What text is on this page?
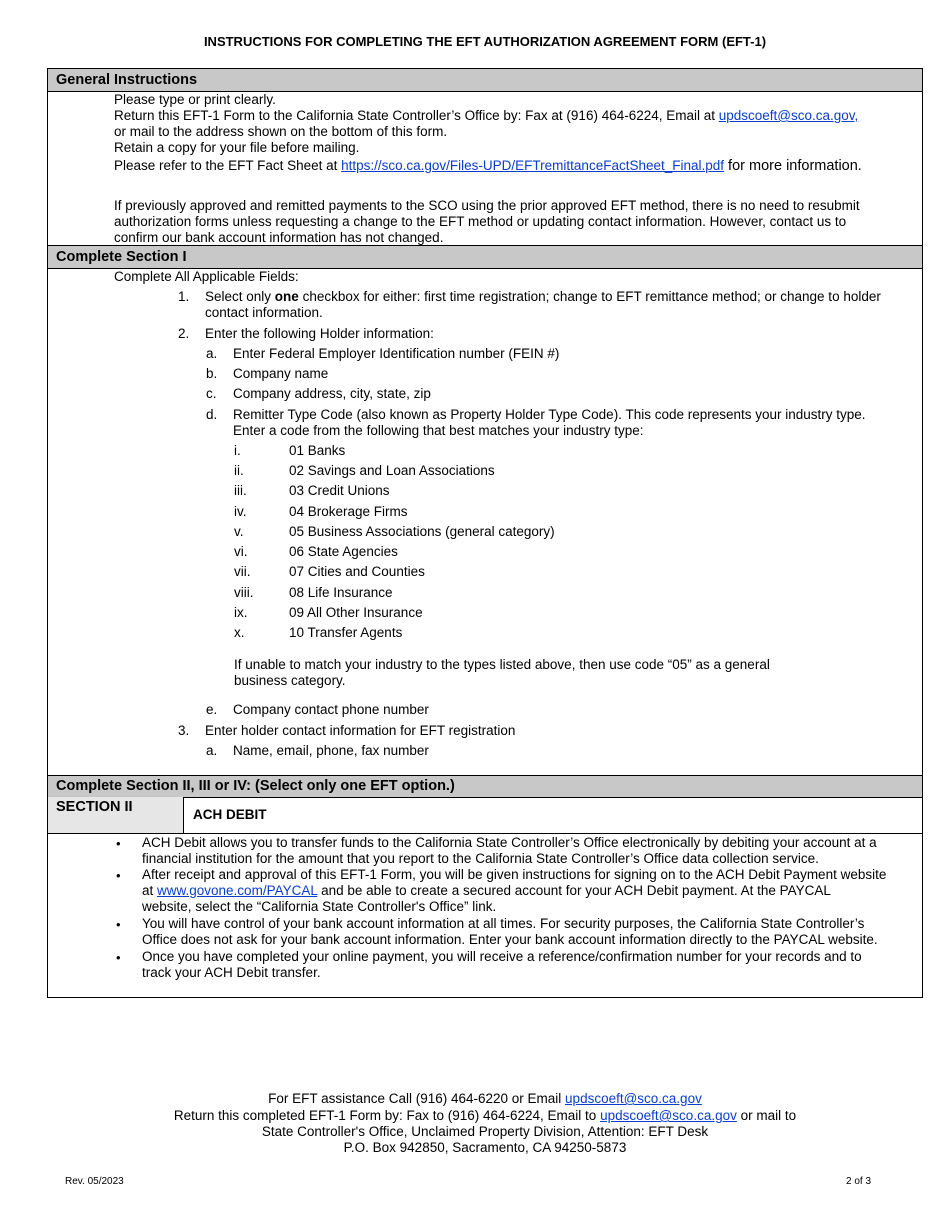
INSTRUCTIONS FOR COMPLETING THE EFT AUTHORIZATION AGREEMENT FORM (EFT-1)
General Instructions
Please type or print clearly.
Return this EFT-1 Form to the California State Controller’s Office by: Fax at (916) 464-6224, Email at updscoeft@sco.ca.gov,
or mail to the address shown on the bottom of this form.
Retain a copy for your file before mailing.
Please refer to the EFT Fact Sheet at https://sco.ca.gov/Files-UPD/EFTremittanceFactSheet_Final.pdf for more information.
If previously approved and remitted payments to the SCO using the prior approved EFT method, there is no need to resubmit
authorization forms unless requesting a change to the EFT method or updating contact information. However, contact us to
confirm our bank account information has not changed.
Complete Section I
Complete All Applicable Fields:
1. Select only one checkbox for either: first time registration; change to EFT remittance method; or change to holder
contact information.
2. Enter the following Holder information:
a. Enter Federal Employer Identification number (FEIN #)
b. Company name
c. Company address, city, state, zip
d. Remitter Type Code (also known as Property Holder Type Code). This code represents your industry type.
Enter a code from the following that best matches your industry type:
i.	01 Banks
ii.	02 Savings and Loan Associations
iii.	03 Credit Unions
iv.	04 Brokerage Firms
v.	05 Business Associations (general category)
vi.	06 State Agencies
vii.	07 Cities and Counties
viii.	08 Life Insurance
ix.	09 All Other Insurance
x.	10 Transfer Agents
If unable to match your industry to the types listed above, then use code “05” as a general
business category.
e. Company contact phone number
3. Enter holder contact information for EFT registration
a. Name, email, phone, fax number
Complete Section II, III or IV: (Select only one EFT option.)
SECTION II	ACH DEBIT
• ACH Debit allows you to transfer funds to the California State Controller’s Office electronically by debiting your account at a
financial institution for the amount that you report to the California State Controller’s Office data collection service.
• After receipt and approval of this EFT-1 Form, you will be given instructions for signing on to the ACH Debit Payment website
at www.govone.com/PAYCAL and be able to create a secured account for your ACH Debit payment. At the PAYCAL
website, select the “California State Controller's Office” link.
• You will have control of your bank account information at all times. For security purposes, the California State Controller’s
Office does not ask for your bank account information. Enter your bank account information directly to the PAYCAL website.
• Once you have completed your online payment, you will receive a reference/confirmation number for your records and to
track your ACH Debit transfer.
For EFT assistance Call (916) 464-6220 or Email updscoeft@sco.ca.gov
Return this completed EFT-1 Form by: Fax to (916) 464-6224, Email to updscoeft@sco.ca.gov or mail to
State Controller's Office, Unclaimed Property Division, Attention: EFT Desk
P.O. Box 942850, Sacramento, CA 94250-5873
Rev. 05/2023	2 of 3
